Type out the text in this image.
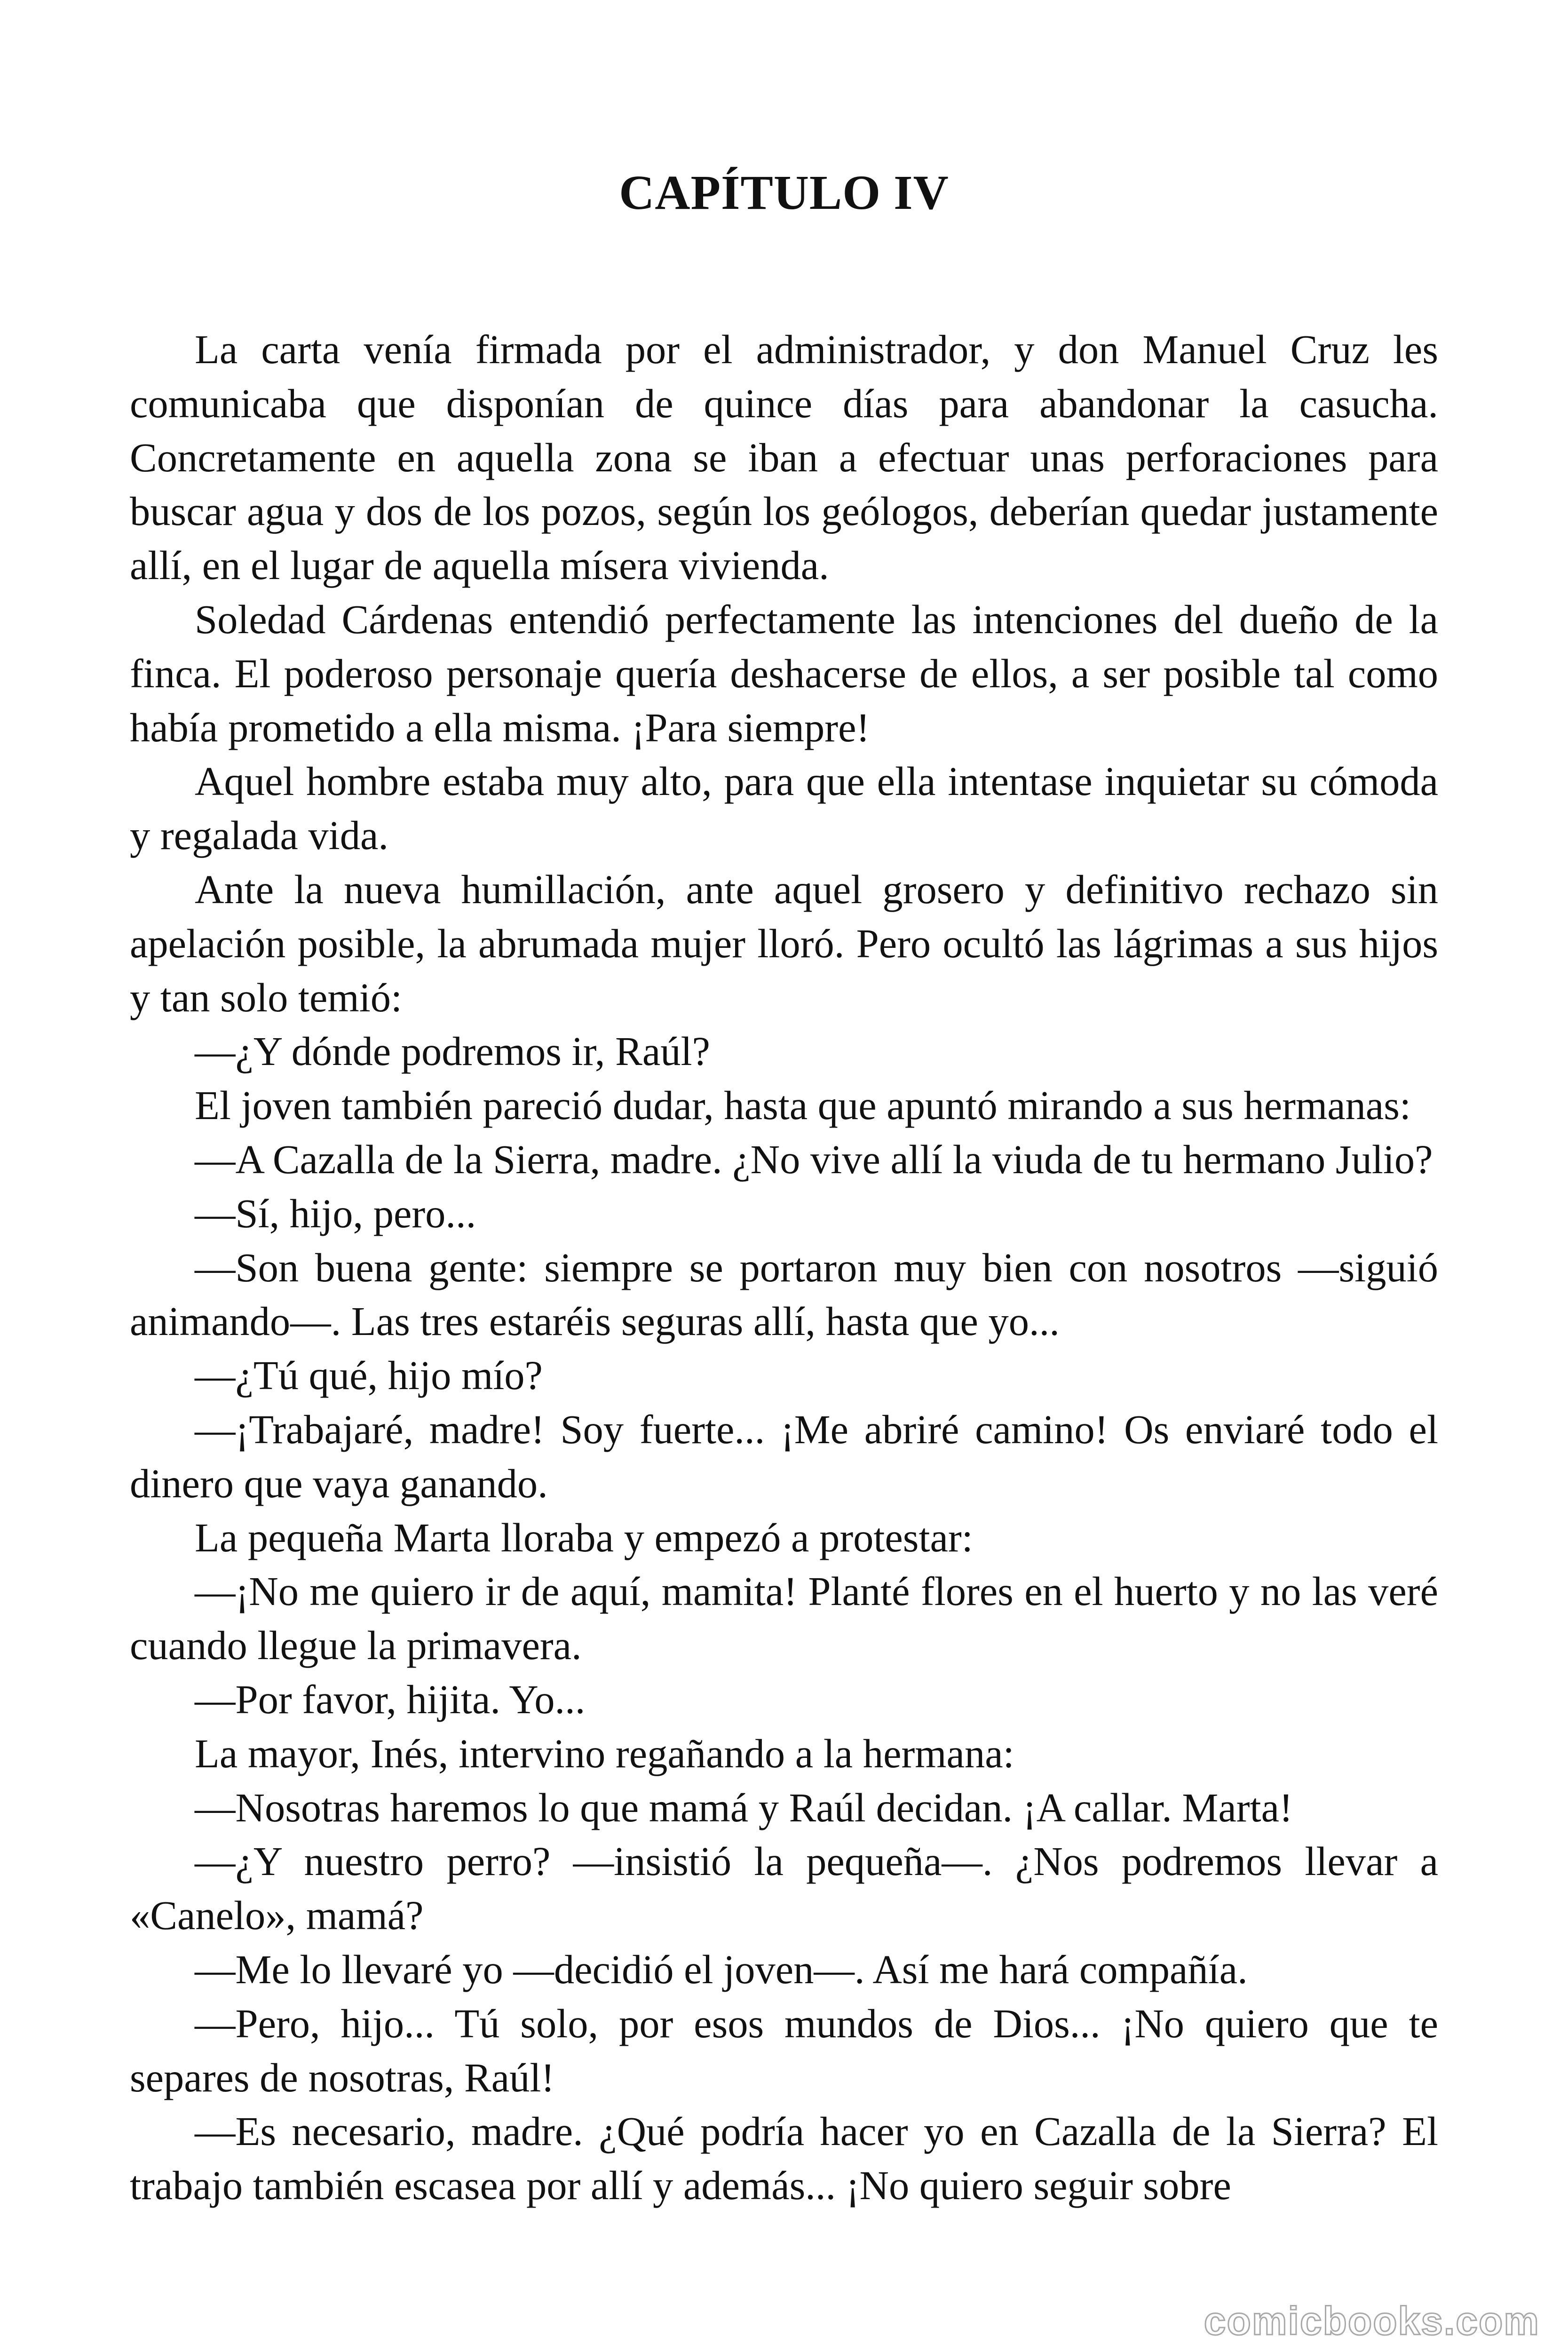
CAPÍTULO IV

La carta venía firmada por el administrador, y don Manuel Cruz les comunicaba que disponían de quince días para abandonar la casucha. Concretamente en aquella zona se iban a efectuar unas perforaciones para buscar agua y dos de los pozos, según los geólogos, deberían quedar justamente allí, en el lugar de aquella mísera vivienda.

Soledad Cárdenas entendió perfectamente las intenciones del dueño de la finca. El poderoso personaje quería deshacerse de ellos, a ser posible tal como había prometido a ella misma. ¡Para siempre!

Aquel hombre estaba muy alto, para que ella intentase inquietar su cómoda y regalada vida.

Ante la nueva humillación, ante aquel grosero y definitivo rechazo sin apelación posible, la abrumada mujer lloró. Pero ocultó las lágrimas a sus hijos y tan solo temió:

—¿Y dónde podremos ir, Raúl?

El joven también pareció dudar, hasta que apuntó mirando a sus hermanas:

—A Cazalla de la Sierra, madre. ¿No vive allí la viuda de tu hermano Julio?

—Sí, hijo, pero...

—Son buena gente: siempre se portaron muy bien con nosotros —siguió animando—. Las tres estaréis seguras allí, hasta que yo...

—¿Tú qué, hijo mío?

—¡Trabajaré, madre! Soy fuerte... ¡Me abriré camino! Os enviaré todo el dinero que vaya ganando.

La pequeña Marta lloraba y empezó a protestar:

—¡No me quiero ir de aquí, mamita! Planté flores en el huerto y no las veré cuando llegue la primavera.

—Por favor, hijita. Yo...

La mayor, Inés, intervino regañando a la hermana:

—Nosotras haremos lo que mamá y Raúl decidan. ¡A callar. Marta!

—¿Y nuestro perro? —insistió la pequeña—. ¿Nos podremos llevar a «Canelo», mamá?

—Me lo llevaré yo —decidió el joven—. Así me hará compañía.

—Pero, hijo... Tú solo, por esos mundos de Dios... ¡No quiero que te separes de nosotras, Raúl!

—Es necesario, madre. ¿Qué podría hacer yo en Cazalla de la Sierra? El trabajo también escasea por allí y además... ¡No quiero seguir sobre

comicbooks.com
